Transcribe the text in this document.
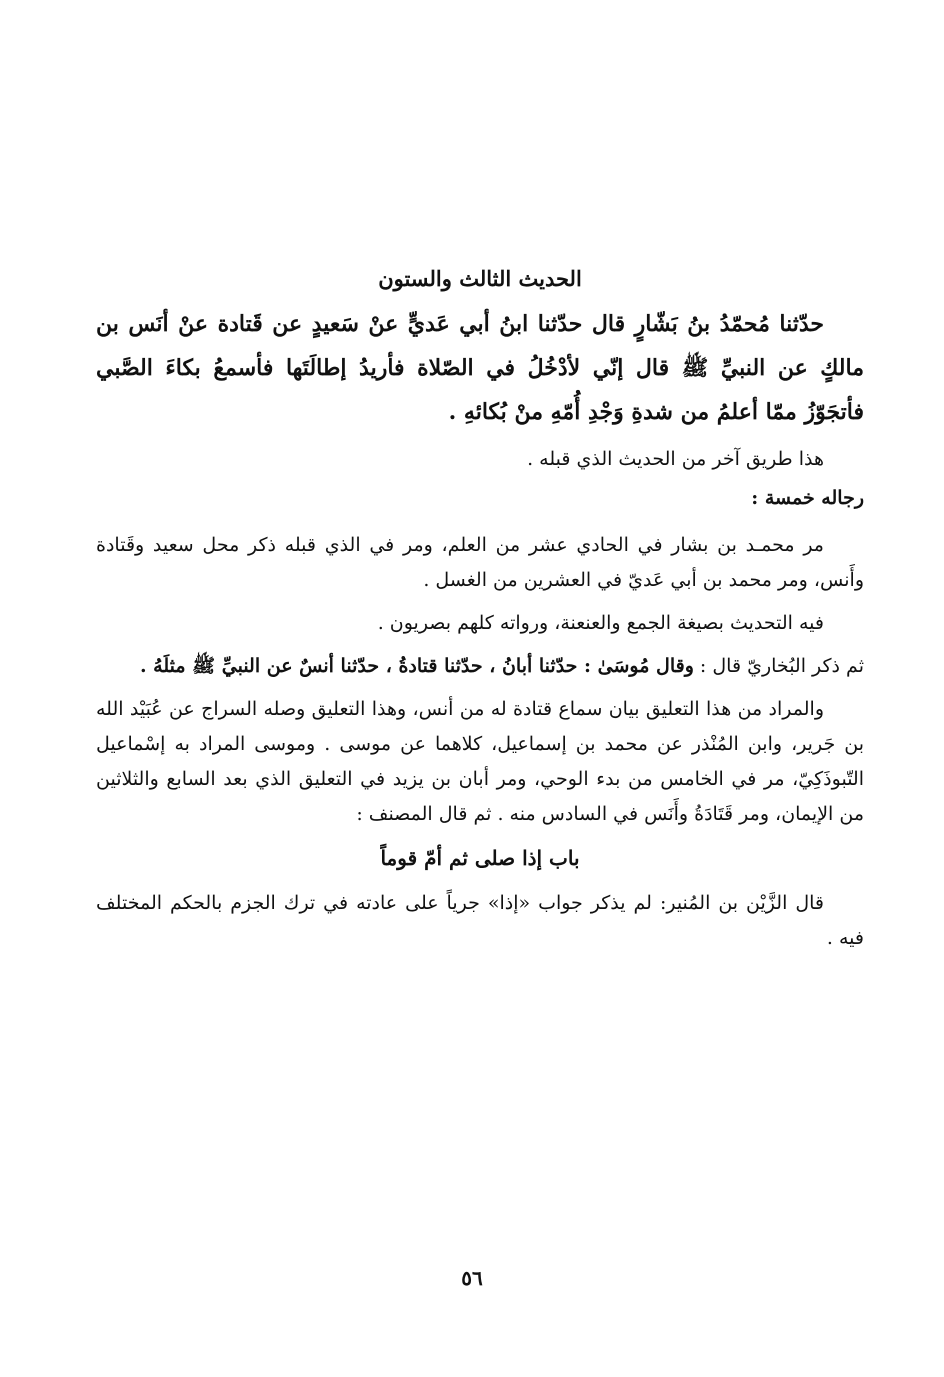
الحديث الثالث والستون

حدّثنا مُحمّدُ بنُ بَشّارٍ قال حدّثنا ابنُ أبي عَديٍّ عنْ سَعيدٍ عن قَتادة عنْ أنَس بن مالكٍ عن النبيِّ ﷺ قال إنّي لأدْخُلُ في الصّلاة فأريدُ إطالَتَها فأسمعُ بكاءَ الصَّبي فأتجَوّزُ ممّا أعلمُ من شدةِ وَجْدِ أُمّهِ منْ بُكائهِ .

هذا طريق آخر من الحديث الذي قبله .

رجاله خمسة :

مر محمـد بن بشار في الحادي عشر من العلم، ومر في الذي قبله ذكر محل سعيد وقَتادة وأَنس، ومر محمد بن أبي عَديّ في العشرين من الغسل .

فيه التحديث بصيغة الجمع والعنعنة، ورواته كلهم بصريون .

ثم ذكر البُخاريّ قال : وقال مُوسَىٰ : حدّثنا أبانُ ، حدّثنا قتادةُ ، حدّثنا أنسٌ عن النبيِّ ﷺ مثلَهُ .

والمراد من هذا التعليق بيان سماع قتادة له من أنس، وهذا التعليق وصله السراج عن عُبَيْد الله بن جَرير، وابن المُنْذر عن محمد بن إسماعيل، كلاهما عن موسى . وموسى المراد به إسْماعيل التّبوذَكِيّ، مر في الخامس من بدء الوحي، ومر أبان بن يزيد في التعليق الذي بعد السابع والثلاثين من الإيمان، ومر قَتَادَةُ وأَنَس في السادس منه . ثم قال المصنف :

باب إذا صلى ثم أمّ قوماً

قال الزَّيْن بن المُنير: لم يذكر جواب «إذا» جرياً على عادته في ترك الجزم بالحكم المختلف فيه .

٥٦
